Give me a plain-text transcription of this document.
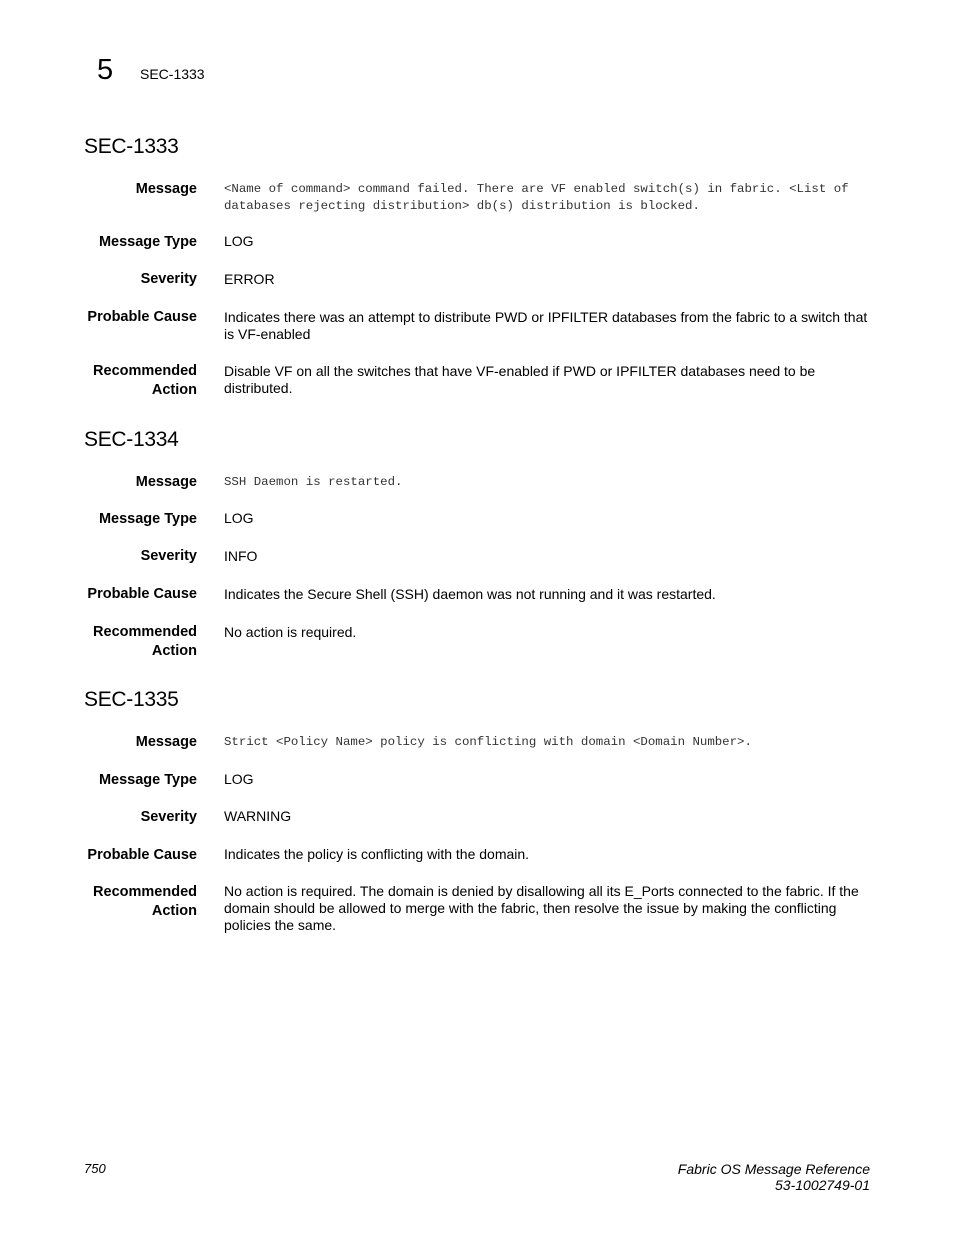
5 SEC-1333
SEC-1333
Message <Name of command> command failed. There are VF enabled switch(s) in fabric. <List of databases rejecting distribution> db(s) distribution is blocked.
Message Type LOG
Severity ERROR
Probable Cause Indicates there was an attempt to distribute PWD or IPFILTER databases from the fabric to a switch that is VF-enabled
Recommended
Action
Disable VF on all the switches that have VF-enabled if PWD or IPFILTER databases need to be distributed.
SEC-1334
Message SSH Daemon is restarted.
Message Type LOG
Severity INFO
Probable Cause Indicates the Secure Shell (SSH) daemon was not running and it was restarted.
Recommended
Action
No action is required.
SEC-1335
Message Strict <Policy Name> policy is conflicting with domain <Domain Number>.
Message Type LOG
Severity WARNING
Probable Cause Indicates the policy is conflicting with the domain.
Recommended
Action
No action is required. The domain is denied by disallowing all its E_Ports connected to the fabric. If the domain should be allowed to merge with the fabric, then resolve the issue by making the conflicting policies the same.
750	Fabric OS Message Reference
53-1002749-01
